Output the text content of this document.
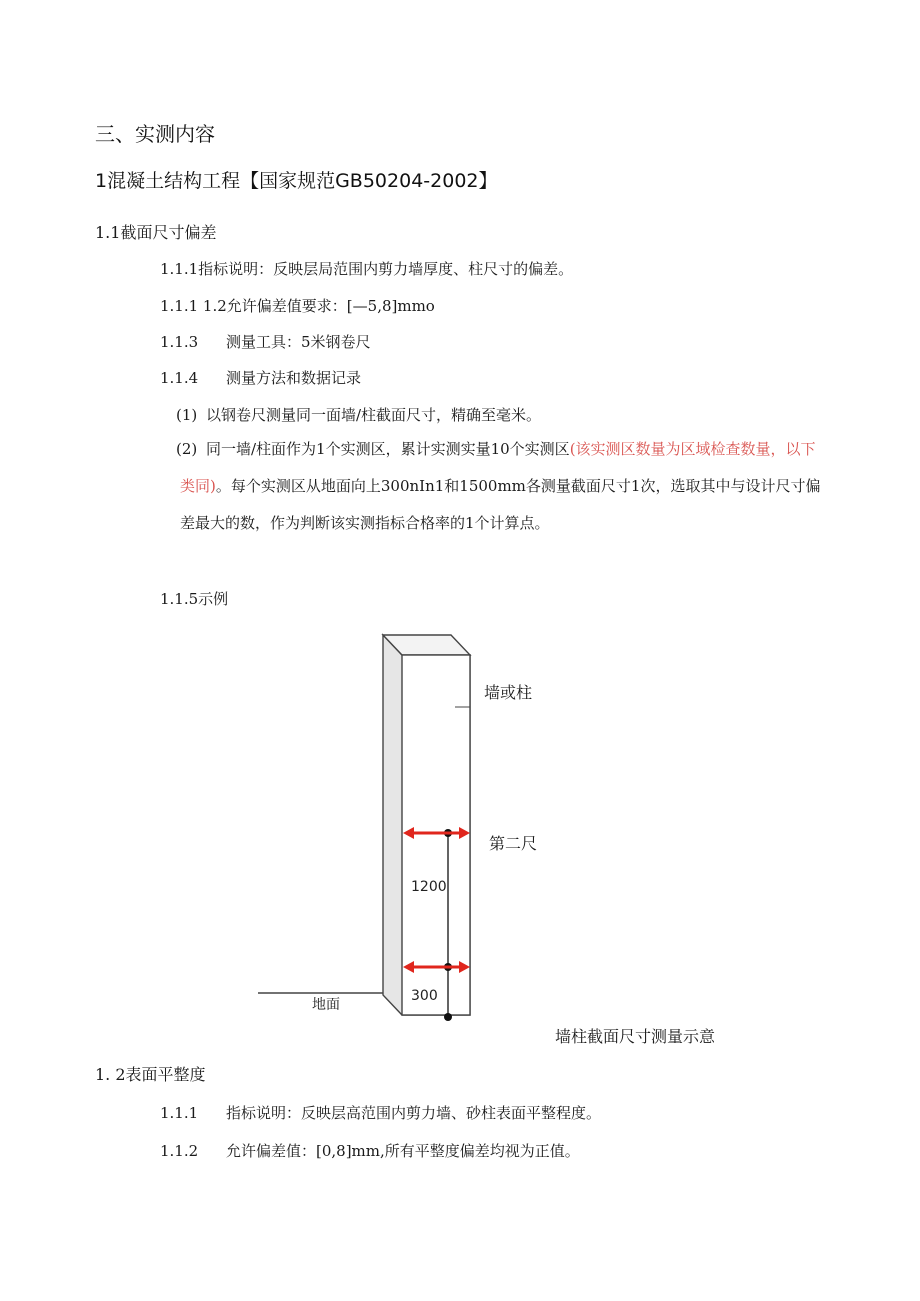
三、实测内容
1混凝土结构工程【国家规范GB50204-2002】
1.1截面尺寸偏差
1.1.1指标说明：反映层局范围内剪力墙厚度、柱尺寸的偏差。
1.1.1 1.2允许偏差值要求：[—5,8]mmo
1.1.3 测量工具：5米钢卷尺
1.1.4 测量方法和数据记录
(1) 以钢卷尺测量同一面墙/柱截面尺寸，精确至毫米。
(2) 同一墙/柱面作为1个实测区，累计实测实量10个实测区(该实测区数量为区域检查数量，以下类同)。每个实测区从地面向上300nIn1和1500mm各测量截面尺寸1次，选取其中与设计尺寸偏差最大的数，作为判断该实测指标合格率的1个计算点。
1.1.5示例
1200
300
墙或柱
第二尺
地面
墙柱截面尺寸测量示意
1. 2表面平整度
1.1.1 指标说明：反映层高范围内剪力墙、砂柱表面平整程度。
1.1.2 允许偏差值：[0,8]mm,所有平整度偏差均视为正值。
